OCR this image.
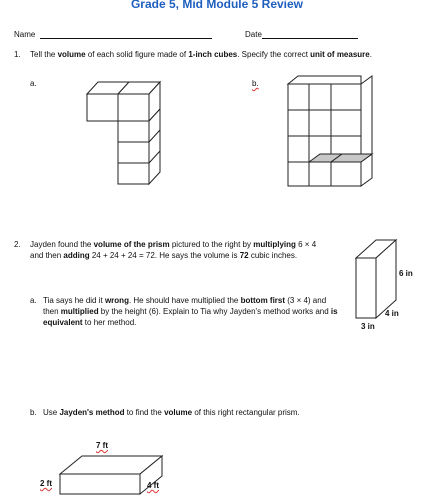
Grade 5, Mid Module 5 Review
Name	Date
1. Tell the volume of each solid figure made of 1-inch cubes. Specify the correct unit of measure.
a.	b.
2. Jayden found the volume of the prism pictured to the right by multiplying 6 × 4 and then adding 24 + 24 + 24 = 72. He says the volume is 72 cubic inches.
a. Tia says he did it wrong. He should have multiplied the bottom first (3 × 4) and then multiplied by the height (6). Explain to Tia why Jayden's method works and is equivalent to her method.
6 in
4 in
3 in
b. Use Jayden's method to find the volume of this right rectangular prism.
7 ft
2 ft	4 ft
